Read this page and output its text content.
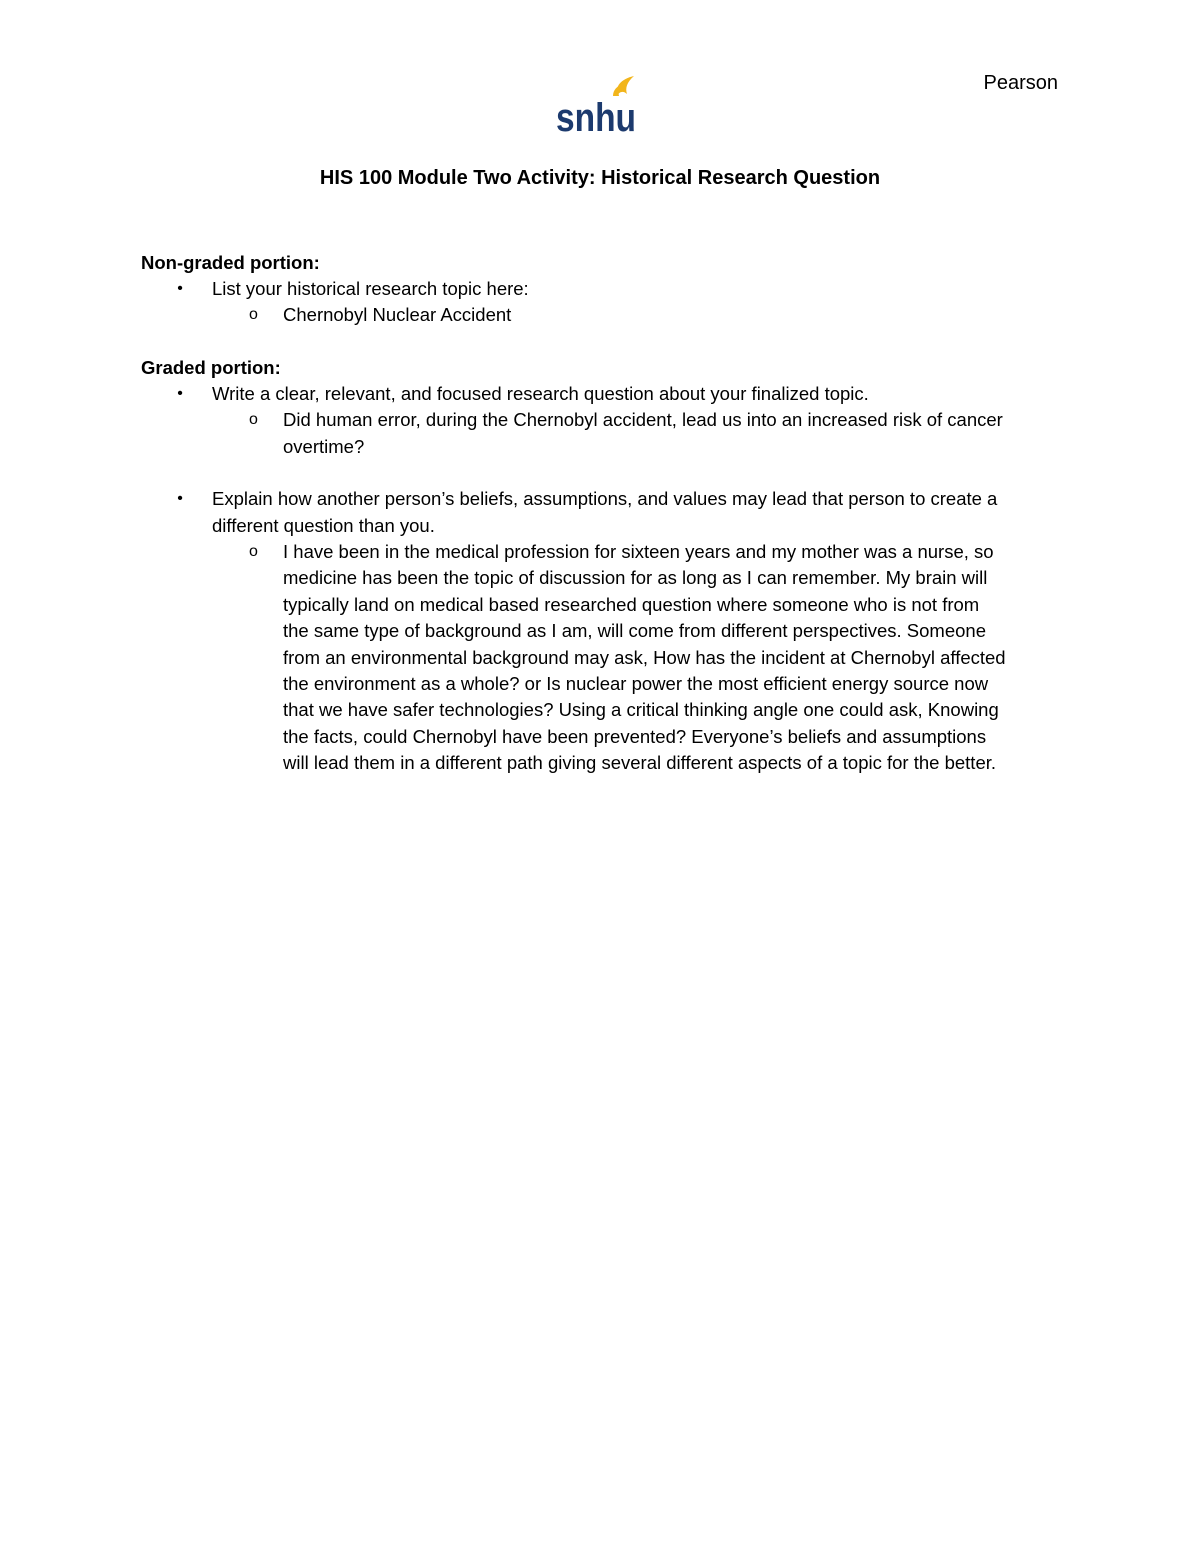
Pearson
snhu
HIS 100 Module Two Activity: Historical Research Question
Non-graded portion:
• List your historical research topic here:
o Chernobyl Nuclear Accident
Graded portion:
• Write a clear, relevant, and focused research question about your finalized topic.
o Did human error, during the Chernobyl accident, lead us into an increased risk of cancer
overtime?
• Explain how another person’s beliefs, assumptions, and values may lead that person to create a
different question than you.
o I have been in the medical profession for sixteen years and my mother was a nurse, so
medicine has been the topic of discussion for as long as I can remember. My brain will
typically land on medical based researched question where someone who is not from
the same type of background as I am, will come from different perspectives. Someone
from an environmental background may ask, How has the incident at Chernobyl affected
the environment as a whole? or Is nuclear power the most efficient energy source now
that we have safer technologies? Using a critical thinking angle one could ask, Knowing
the facts, could Chernobyl have been prevented? Everyone’s beliefs and assumptions
will lead them in a different path giving several different aspects of a topic for the better.
